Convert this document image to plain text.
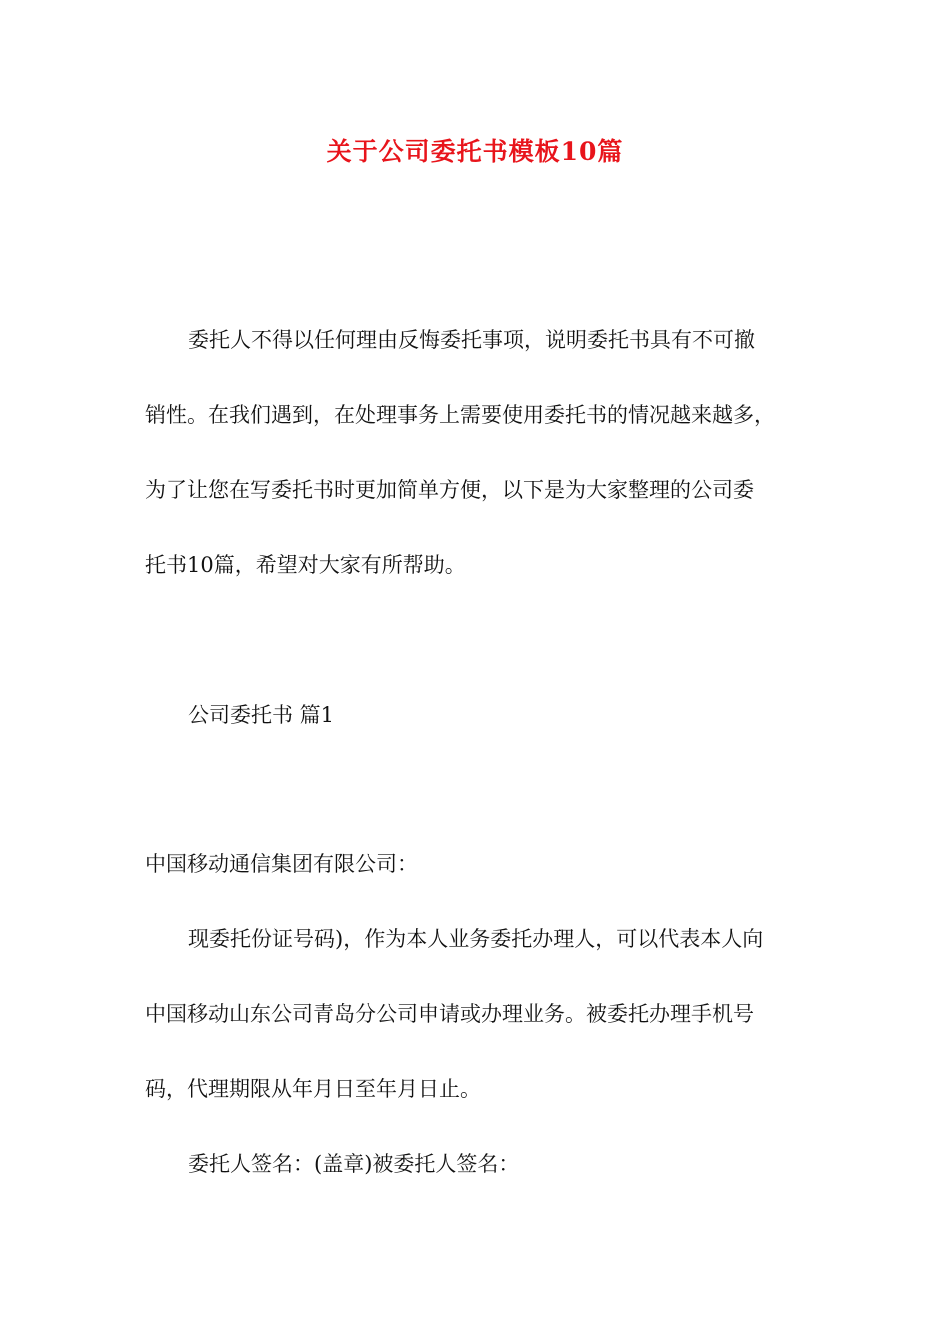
关于公司委托书模板10篇
委托人不得以任何理由反悔委托事项，说明委托书具有不可撤
销性。在我们遇到，在处理事务上需要使用委托书的情况越来越多，
为了让您在写委托书时更加简单方便，以下是为大家整理的公司委
托书10篇，希望对大家有所帮助。
公司委托书 篇1
中国移动通信集团有限公司：
现委托份证号码)，作为本人业务委托办理人，可以代表本人向
中国移动山东公司青岛分公司申请或办理业务。被委托办理手机号
码，代理期限从年月日至年月日止。
委托人签名：(盖章)被委托人签名：
